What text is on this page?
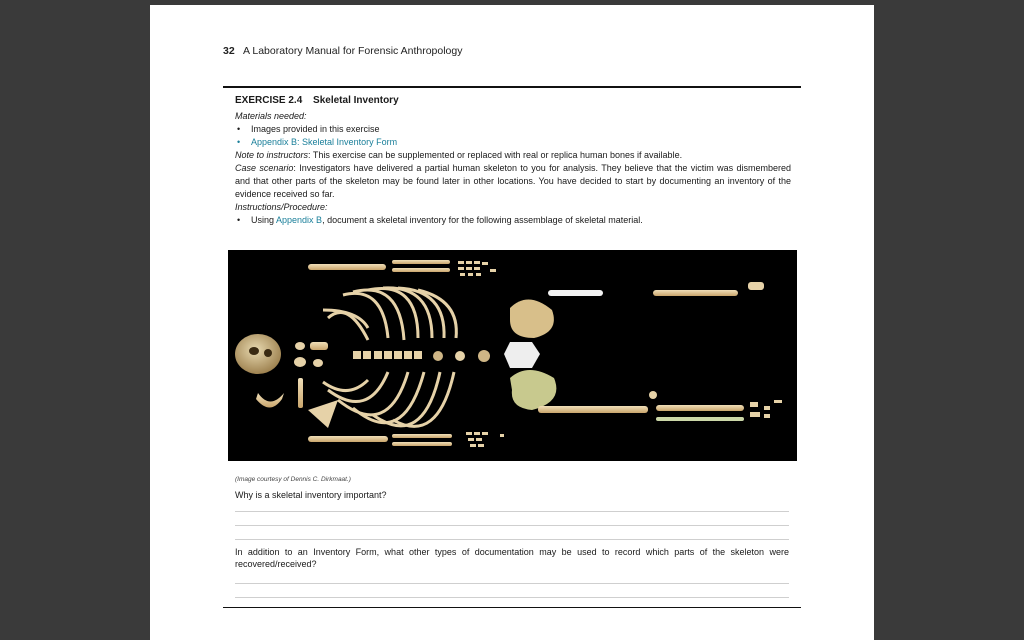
32 A Laboratory Manual for Forensic Anthropology
EXERCISE 2.4 Skeletal Inventory
Materials needed:
• Images provided in this exercise
• Appendix B: Skeletal Inventory Form
Note to instructors: This exercise can be supplemented or replaced with real or replica human bones if available.
Case scenario: Investigators have delivered a partial human skeleton to you for analysis. They believe that the victim was dismembered and that other parts of the skeleton may be found later in other locations. You have decided to start by documenting an inventory of the evidence received so far.
Instructions/Procedure:
• Using Appendix B, document a skeletal inventory for the following assemblage of skeletal material.
(Image courtesy of Dennis C. Dirkmaat.)
Why is a skeletal inventory important?
In addition to an Inventory Form, what other types of documentation may be used to record which parts of the skeleton were recovered/received?
